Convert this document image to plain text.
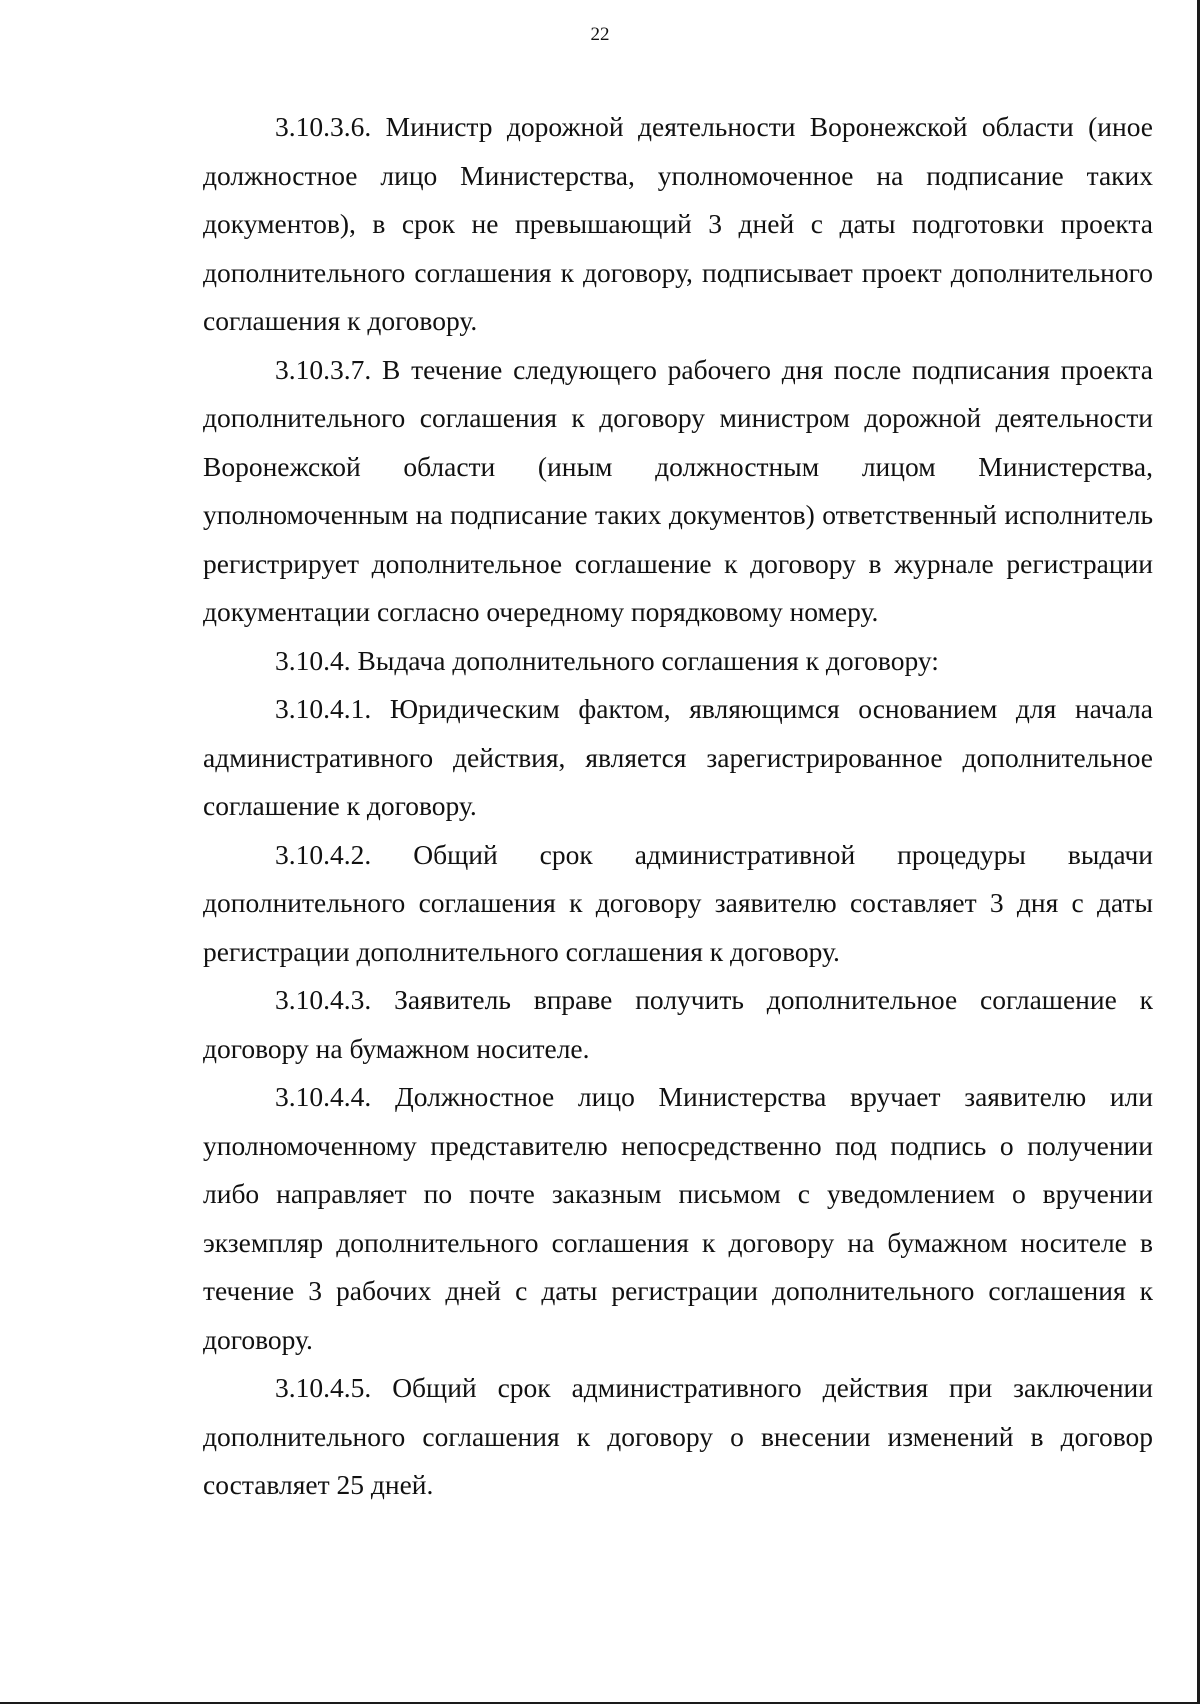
22

3.10.3.6. Министр дорожной деятельности Воронежской области (иное должностное лицо Министерства, уполномоченное на подписание таких документов), в срок не превышающий 3 дней с даты подготовки проекта дополнительного соглашения к договору, подписывает проект дополнительного соглашения к договору.

3.10.3.7. В течение следующего рабочего дня после подписания проекта дополнительного соглашения к договору министром дорожной деятельности Воронежской области (иным должностным лицом Министерства, уполномоченным на подписание таких документов) ответственный исполнитель регистрирует дополнительное соглашение к договору в журнале регистрации документации согласно очередному порядковому номеру.

3.10.4. Выдача дополнительного соглашения к договору:

3.10.4.1. Юридическим фактом, являющимся основанием для начала административного действия, является зарегистрированное дополнительное соглашение к договору.

3.10.4.2. Общий срок административной процедуры выдачи дополнительного соглашения к договору заявителю составляет 3 дня с даты регистрации дополнительного соглашения к договору.

3.10.4.3. Заявитель вправе получить дополнительное соглашение к договору на бумажном носителе.

3.10.4.4. Должностное лицо Министерства вручает заявителю или уполномоченному представителю непосредственно под подпись о получении либо направляет по почте заказным письмом с уведомлением о вручении экземпляр дополнительного соглашения к договору на бумажном носителе в течение 3 рабочих дней с даты регистрации дополнительного соглашения к договору.

3.10.4.5. Общий срок административного действия при заключении дополнительного соглашения к договору о внесении изменений в договор составляет 25 дней.
